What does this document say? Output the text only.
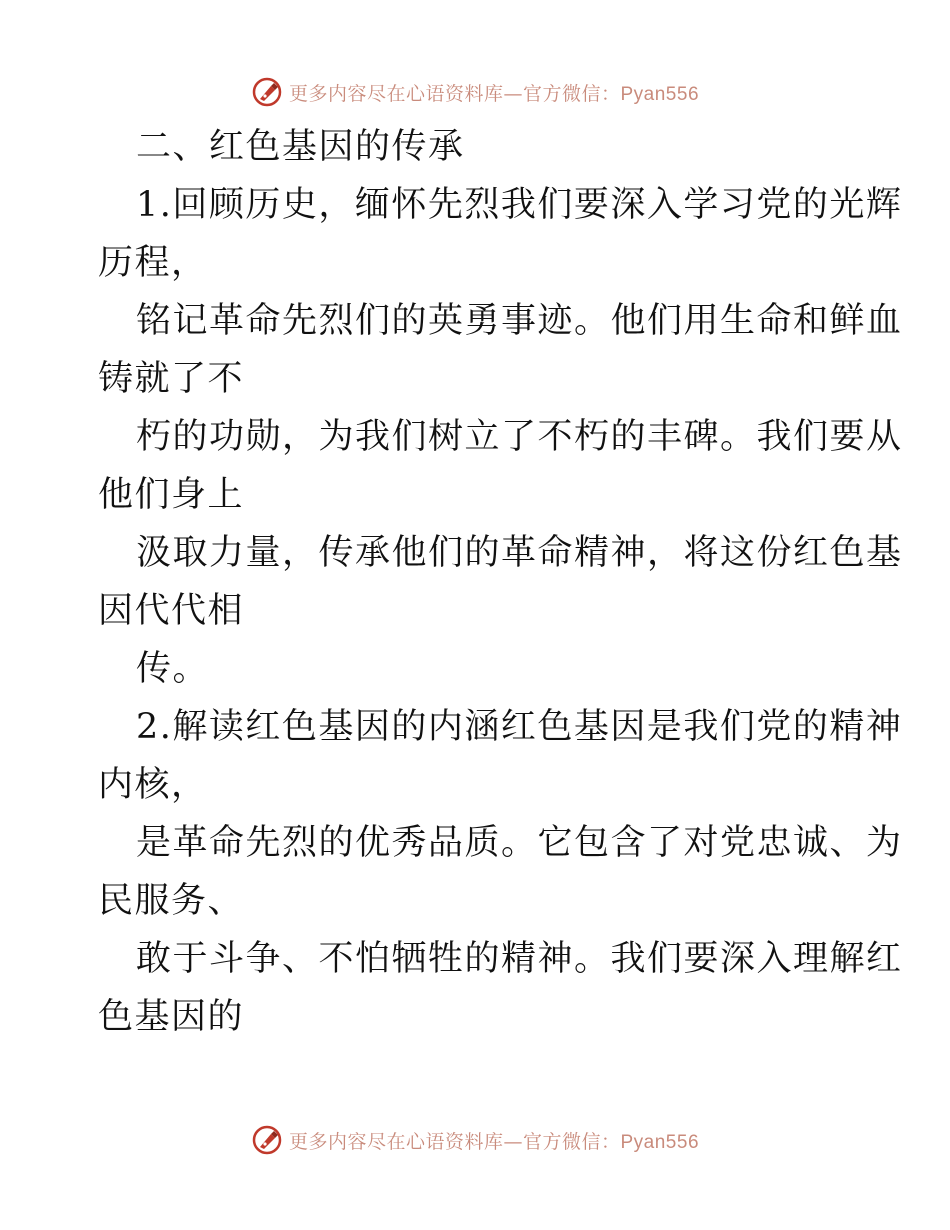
更多内容尽在心语资料库—官方微信：Pyan556
二、红色基因的传承
1.回顾历史，缅怀先烈我们要深入学习党的光辉
历程，
铭记革命先烈们的英勇事迹。他们用生命和鲜血
铸就了不
朽的功勋，为我们树立了不朽的丰碑。我们要从
他们身上
汲取力量，传承他们的革命精神，将这份红色基
因代代相
传。
2.解读红色基因的内涵红色基因是我们党的精神
内核，
是革命先烈的优秀品质。它包含了对党忠诚、为
民服务、
敢于斗争、不怕牺牲的精神。我们要深入理解红
色基因的
更多内容尽在心语资料库—官方微信：Pyan556
